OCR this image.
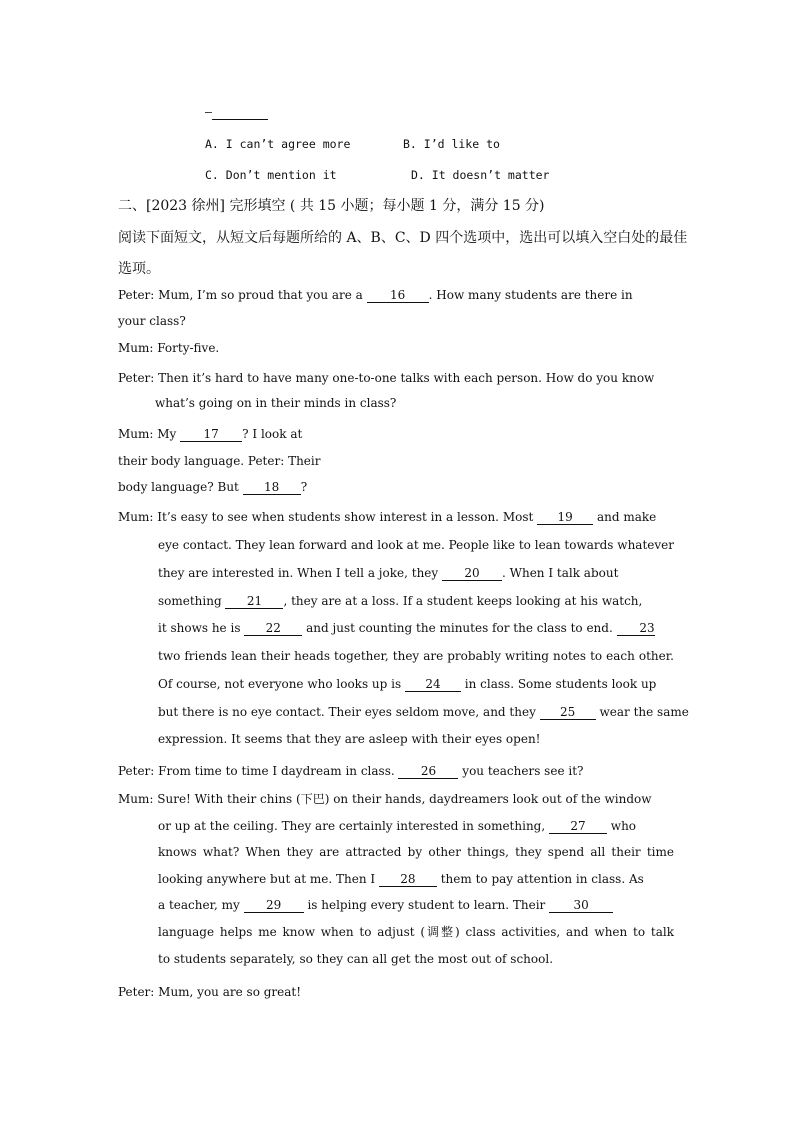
—
A. I can’t agree more	B. I’d like to
C. Don’t mention it	D. It doesn’t matter
二、[2023 徐州] 完形填空 ( 共 15 小题；每小题 1 分，满分 15 分)
阅读下面短文，从短文后每题所给的 A、B、C、D 四个选项中，选出可以填入空白处的最佳
选项。
Peter: Mum, I’m so proud that you are a 16 . How many students are there in
your class?
Mum: Forty-five.
Peter: Then it’s hard to have many one-to-one talks with each person. How do you know
what’s going on in their minds in class?
Mum: My 17 ? I look at
their body language. Peter: Their
body language? But 18 ?
Mum: It’s easy to see when students show interest in a lesson. Most 19 and make
eye contact. They lean forward and look at me. People like to lean towards whatever
they are interested in. When I tell a joke, they 20 . When I talk about
something 21 , they are at a loss. If a student keeps looking at his watch,
it shows he is 22 and just counting the minutes for the class to end. 23
two friends lean their heads together, they are probably writing notes to each other.
Of course, not everyone who looks up is 24 in class. Some students look up
but there is no eye contact. Their eyes seldom move, and they 25 wear the same
expression. It seems that they are asleep with their eyes open!
Peter: From time to time I daydream in class. 26 you teachers see it?
Mum: Sure! With their chins (下巴) on their hands, daydreamers look out of the window
or up at the ceiling. They are certainly interested in something, 27 who
knows what? When they are attracted by other things, they spend all their time
looking anywhere but at me. Then I 28 them to pay attention in class. As
a teacher, my 29 is helping every student to learn. Their 30
language helps me know when to adjust (调整) class activities, and when to talk
to students separately, so they can all get the most out of school.
Peter: Mum, you are so great!
